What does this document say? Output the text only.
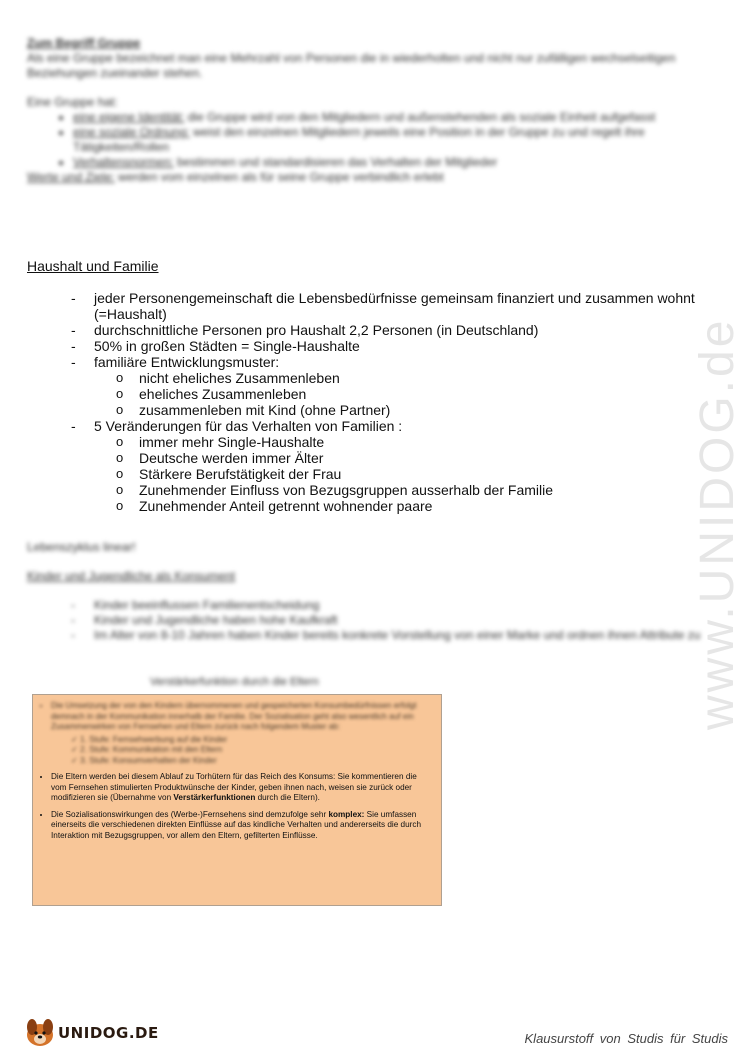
Zum Begriff Gruppe
Als eine Gruppe bezeichnet man eine Mehrzahl von Personen die in wiederholten und nicht nur zufälligen wechselseitigen Beziehungen zueinander stehen.
Eine Gruppe hat:
• eine eigene Identität: die Gruppe wird von den Mitgliedern und außenstehenden als soziale Einheit aufgefasst
• eine soziale Ordnung: weist den einzelnen Mitgliedern jeweils eine Position in der Gruppe zu und regelt ihre Tätigkeiten/Rollen
• Verhaltensnormen: bestimmen und standardisieren das Verhalten der Mitglieder
Werte und Ziele: werden vom einzelnen als für seine Gruppe verbindlich erlebt
Haushalt und Familie
- jeder Personengemeinschaft die Lebensbedürfnisse gemeinsam finanziert und zusammen wohnt (=Haushalt)
- durchschnittliche Personen pro Haushalt 2,2 Personen (in Deutschland)
- 50% in großen Städten = Single-Haushalte
- familiäre Entwicklungsmuster:
o nicht eheliches Zusammenleben
o eheliches Zusammenleben
o zusammenleben mit Kind (ohne Partner)
- 5 Veränderungen für das Verhalten von Familien :
o immer mehr Single-Haushalte
o Deutsche werden immer Älter
o Stärkere Berufstätigkeit der Frau
o Zunehmender Einfluss von Bezugsgruppen ausserhalb der Familie
o Zunehmender Anteil getrennt wohnender paare
Lebenszyklus linear!
Kinder und Jugendliche als Konsument
- Kinder beeinflussen Familienentscheidung
- Kinder und Jugendliche haben hohe Kaufkraft
- Im Alter von 8-10 Jahren haben Kinder bereits konkrete Vorstellung von einer Marke und ordnen ihnen Attribute zu
Verstärkerfunktion durch die Eltern
• Die Umsetzung der von den Kindern übernommenen und gespeicherten Konsumbedürfnissen erfolgt demnach in der Kommunikation innerhalb der Familie. Der Sozialisation geht also wesentlich auf ein Zusammenwirken von Fernsehen und Eltern zurück nach folgendem Muster ab:
✓ 1. Stufe: Fernsehwerbung auf die Kinder
✓ 2. Stufe: Kommunikation mit den Eltern
✓ 3. Stufe: Konsumverhalten der Kinder
• Die Eltern werden bei diesem Ablauf zu Torhütern für das Reich des Konsums: Sie kommentieren die vom Fernsehen stimulierten Produktwünsche der Kinder, geben ihnen nach, weisen sie zurück oder modifizieren sie (Übernahme von Verstärkerfunktionen durch die Eltern).
• Die Sozialisationswirkungen des (Werbe-)Fernsehens sind demzufolge sehr komplex: Sie umfassen einerseits die verschiedenen direkten Einflüsse auf das kindliche Verhalten und andererseits die durch Interaktion mit Bezugsgruppen, vor allem den Eltern, gefilterten Einflüsse.
www.UNIDOG.de
UNIDOG.DE	Klausurstoff von Studis für Studis
